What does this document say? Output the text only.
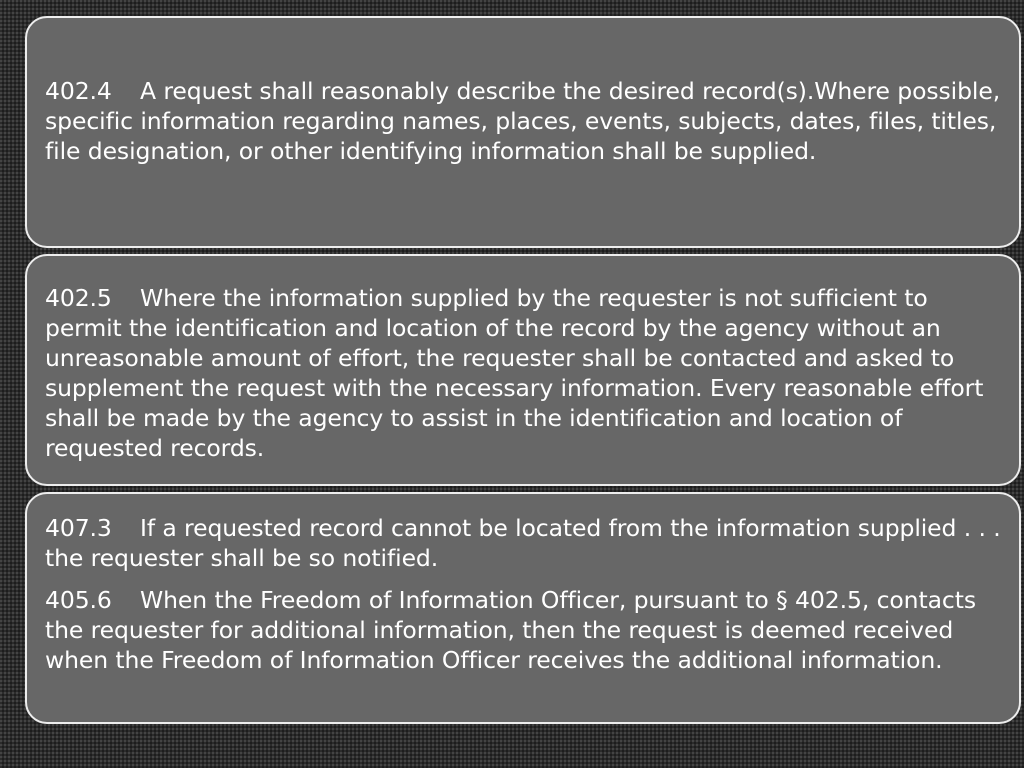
402.4 A request shall reasonably describe the desired record(s).Where possible, specific information regarding names, places, events, subjects, dates, files, titles, file designation, or other identifying information shall be supplied.

402.5 Where the information supplied by the requester is not sufficient to permit the identification and location of the record by the agency without an unreasonable amount of effort, the requester shall be contacted and asked to supplement the request with the necessary information. Every reasonable effort shall be made by the agency to assist in the identification and location of requested records.

407.3 If a requested record cannot be located from the information supplied . . . the requester shall be so notified.

405.6 When the Freedom of Information Officer, pursuant to § 402.5, contacts the requester for additional information, then the request is deemed received when the Freedom of Information Officer receives the additional information.
